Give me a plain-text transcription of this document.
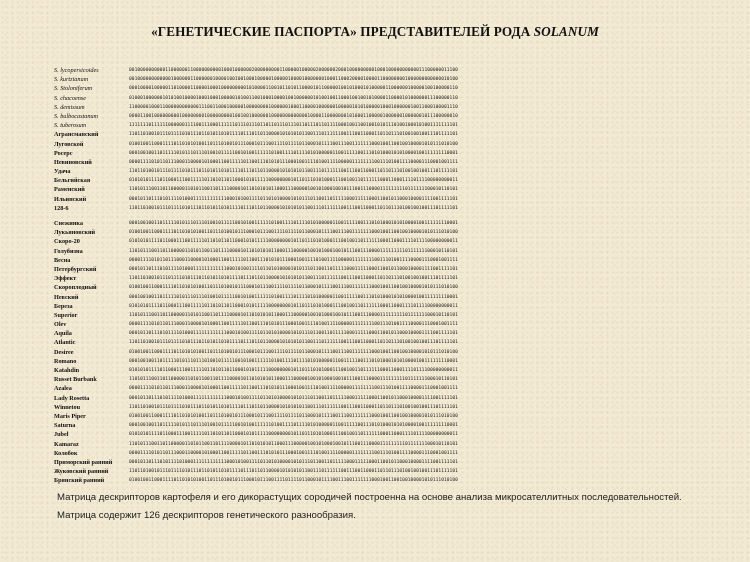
«ГЕНЕТИЧЕСКИЕ ПАСПОРТА» ПРЕДСТАВИТЕЛЕЙ РОДА SOLANUM
S. lycopersicoides	0010000000000110000001100000000001000100000020000000001100000100000200000020001000000000100010000000000011100000011100
S. kurtzianum	0010000000000001000000110000001000010010010001000001000001000010000000100011000200001000011000000001000000000000010100
S. Stoloniferum	0001000010000011010000110000100010000000001010000110010110101100001011000001001010001010000011000000100000100100000110
S. chacoense	0100010000001010100100001000100010000010100110010001000010010000001010010011000100100101000011000010100000011100000110
S. demissum	1100000100011000000000000111001100010000010000000010000001000110000100000010000010101000001000100000010011000100001110
S. bulbocastanum	0000110010000000001000000001000000000100100100000010000000000000100001100000001010001100000100000010000001011100000010
S. tuberosum	1111111011111100000011110011100011111101110111011011011101110110111011011110001001100100101011101001000101001111111101
Агрансманский	1101101001011101111010111011010110101111011101101100001010101011001110111111001110011000110110111010010010011101111101
Луговской	0100100110001111011010101001101110100101110001011100111101111011000101111001110011111110001001100100100001010111010100
Росерс	0001001001101111101011101110100101111100101001111110100111101111010100000110011111001110101000101010000100111111110001
Невиновский	0000111101011011100011000010100011001111101100111010101110001001111010011110000011111111001110100111100001110001001111
Удача	1101101001011101111010111011010110101111011101101100001010101011001110111111001110011000110110111010010010011101111101
Бельгийская	0101010111101100011100111110110101101100010101111100000000101101110101000111001001101111110001100011110111100000000011
Раменский	1101011100110110000011010110011011110000101101010101100011100000100101000100101110011100001111111110111111100010110101
Ильинский	0001011011101011110100011111111111100010100111101101010000101011101100110111110001111100011001011000100001111001111101
128-6	1101101001011101111010111011010110101111011101101100001010101011001110111111001110011000110110111010010010011101111101
Снежинка	0001001001101111101011101110100101111100101001111110100111101111010100000110011111001110101000101010000100111111110001
Лукьяновский	0100100110001111011010101001101110100101110001011100111101111011000101111001110011111110001001100100100001010111010100
Скоро-20	0101010111101100011100111110110101101100010101111100000000101101110101000111001001101111110001100011110111100000000011
Голубизна	1101011100110110000011010110011011110000101101010101100011100000100101000100101110011100001111111110111111100010110101
Весна	0000111101011011100011000010100011001111101100111010101110001001111010011110000011111111001110100111100001110001001111
Петербургский	0001011011101011110100011111111111100010100111101101010000101011101100110111110001111100011001011000100001111001111101
Эффект	1101101001011101111010111011010110101111011101101100001010101011001110111111001110011000110110111010010010011101111101
Скороплодный	0100100110001111011010101001101110100101110001011100111101111011000101111001110011111110001001100100100001010111010100
Невский	0001001001101111101011101110100101111100101001111110100111101111010100000110011111001110101000101010000100111111110001
Береза	0101010111101100011100111110110101101100010101111100000000101101110101000111001001101111110001100011110111100000000011
Superior	1101011100110110000011010110011011110000101101010101100011100000100101000100101110011100001111111110111111100010110101
Olev	0000111101011011100011000010100011001111101100111010101110001001111010011110000011111111001110100111100001110001001111
Aquila	0001011011101011110100011111111111100010100111101101010000101011101100110111110001111100011001011000100001111001111101
Atlantic	1101101001011101111010111011010110101111011101101100001010101011001110111111001110011000110110111010010010011101111101
Desiree	0100100110001111011010101001101110100101110001011100111101111011000101111001110011111110001001100100100001010111010100
Romano	0001001001101111101011101110100101111100101001111110100111101111010100000110011111001110101000101010000100111111110001
Katahdin	0101010111101100011100111110110101101100010101111100000000101101110101000111001001101111110001100011110111100000000011
Russet Burbank	1101011100110110000011010110011011110000101101010101100011100000100101000100101110011100001111111110111111100010110101
Azalea	0000111101011011100011000010100011001111101100111010101110001001111010011110000011111111001110100111100001110001001111
Lady Rosetta	0001011011101011110100011111111111100010100111101101010000101011101100110111110001111100011001011000100001111001111101
Winnetou	1101101001011101111010111011010110101111011101101100001010101011001110111111001110011000110110111010010010011101111101
Maris Piper	0100100110001111011010101001101110100101110001011100111101111011000101111001110011111110001001100100100001010111010100
Saturna	0001001001101111101011101110100101111100101001111110100111101111010100000110011111001110101000101010000100111111110001
Jubel	0101010111101100011100111110110101101100010101111100000000101101110101000111001001101111110001100011110111100000000011
Kamaraz	1101011100110110000011010110011011110000101101010101100011100000100101000100101110011100001111111110111111100010110101
Колобок	0000111101011011100011000010100011001111101100111010101110001001111010011110000011111111001110100111100001110001001111
Приморский ранний	0001011011101011110100011111111111100010100111101101010000101011101100110111110001111100011001011000100001111001111101
Жуковский ранний	1101101001011101111010111011010110101111011101101100001010101011001110111111001110011000110110111010010010011101111101
Брянский ранний	0100100110001111011010101001101110100101110001011100111101111011000101111001110011111110001001100100100001010111010100
Матрица дескрипторов картофеля и его дикорастущих сородичей построенна на основе анализа микросателлитных последовательностей. Матрица содержит 126 дескрипторов генетического разнообразия.
